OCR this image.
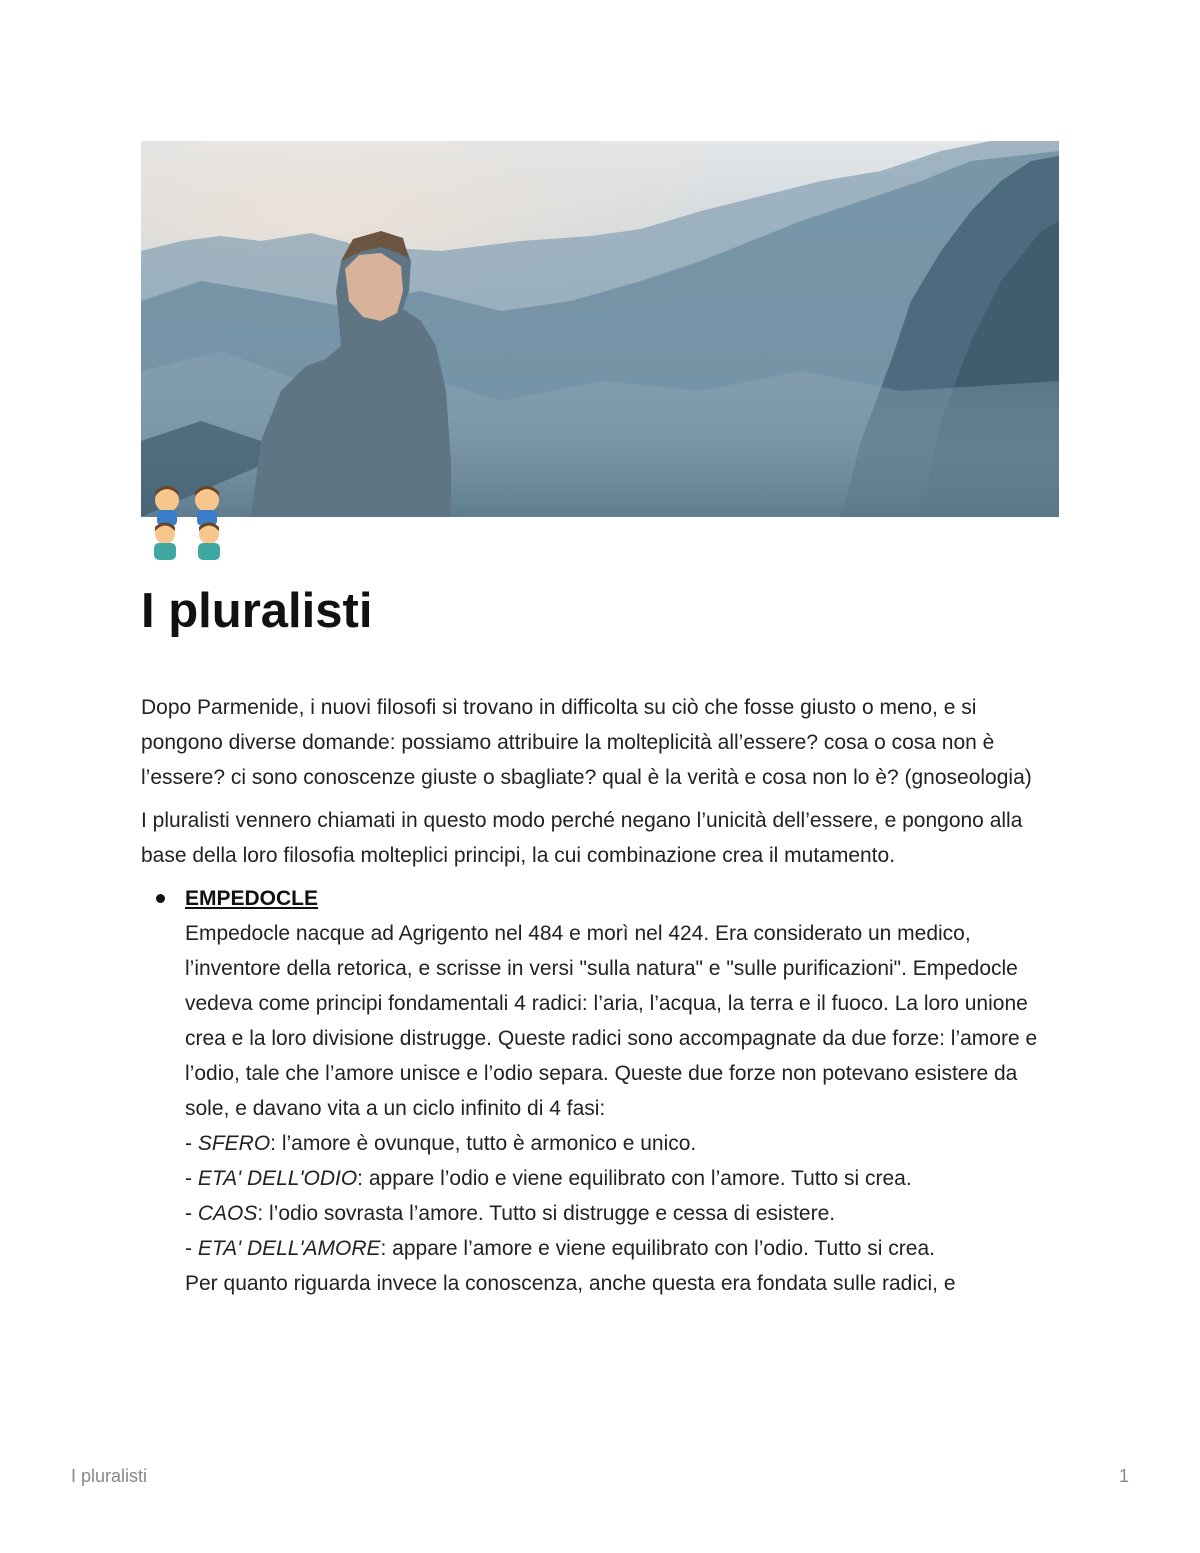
I pluralisti

Dopo Parmenide, i nuovi filosofi si trovano in difficolta su ciò che fosse giusto o meno, e si pongono diverse domande: possiamo attribuire la molteplicità all’essere? cosa o cosa non è l’essere? ci sono conoscenze giuste o sbagliate? qual è la verità e cosa non lo è? (gnoseologia)

I pluralisti vennero chiamati in questo modo perché negano l’unicità dell’essere, e pongono alla base della loro filosofia molteplici principi, la cui combinazione crea il mutamento.

EMPEDOCLE
Empedocle nacque ad Agrigento nel 484 e morì nel 424. Era considerato un medico, l’inventore della retorica, e scrisse in versi "sulla natura" e "sulle purificazioni". Empedocle vedeva come principi fondamentali 4 radici: l’aria, l’acqua, la terra e il fuoco. La loro unione crea e la loro divisione distrugge. Queste radici sono accompagnate da due forze: l’amore e l’odio, tale che l’amore unisce e l’odio separa. Queste due forze non potevano esistere da sole, e davano vita a un ciclo infinito di 4 fasi:
- SFERO: l’amore è ovunque, tutto è armonico e unico.
- ETA' DELL'ODIO: appare l’odio e viene equilibrato con l’amore. Tutto si crea.
- CAOS: l’odio sovrasta l’amore. Tutto si distrugge e cessa di esistere.
- ETA' DELL'AMORE: appare l’amore e viene equilibrato con l’odio. Tutto si crea.
Per quanto riguarda invece la conoscenza, anche questa era fondata sulle radici, e
I pluralisti	1
